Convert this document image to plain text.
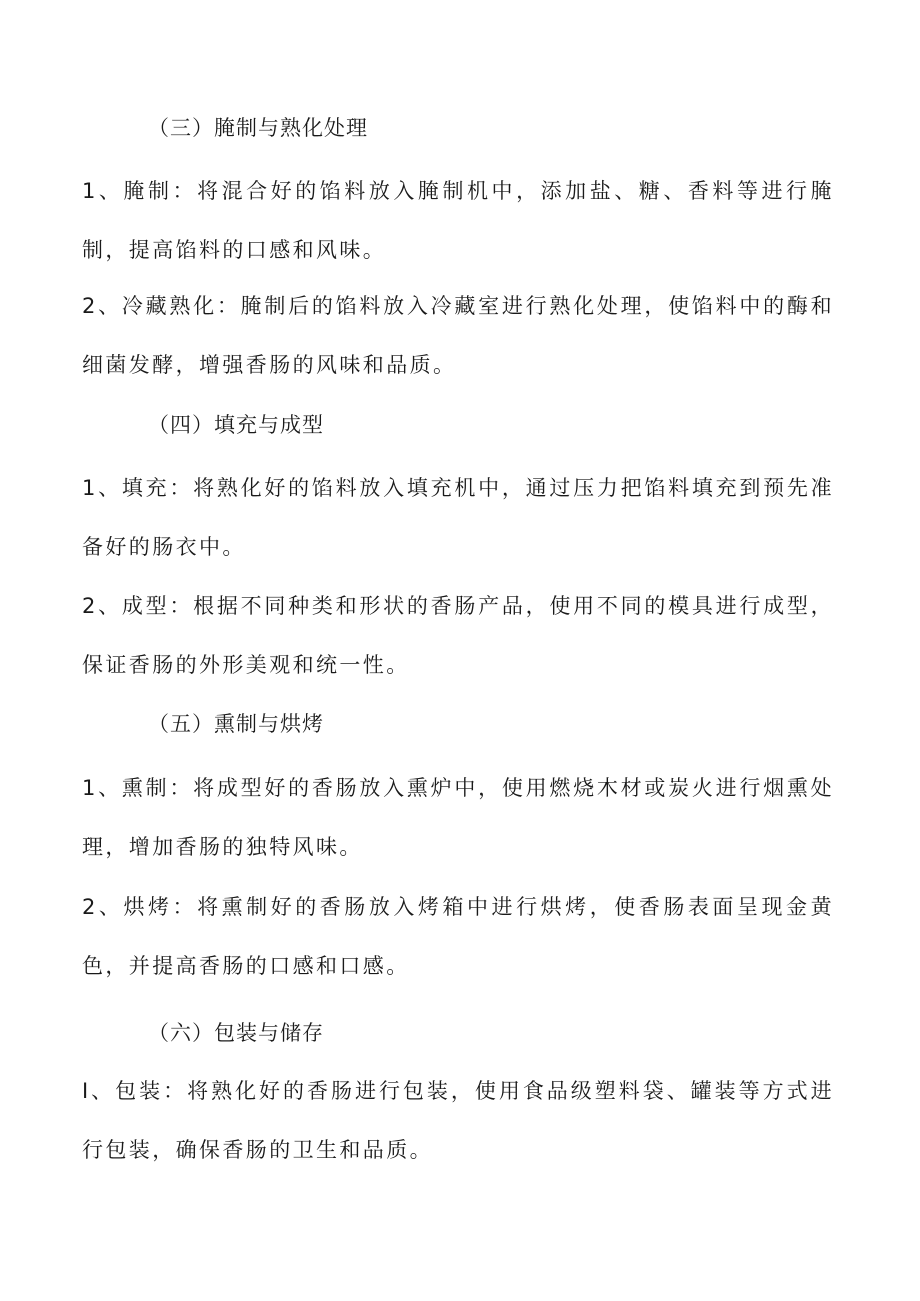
（三）腌制与熟化处理
1、腌制：将混合好的馅料放入腌制机中，添加盐、糖、香料等进行腌制，提高馅料的口感和风味。
2、冷藏熟化：腌制后的馅料放入冷藏室进行熟化处理，使馅料中的酶和细菌发酵，增强香肠的风味和品质。
（四）填充与成型
1、填充：将熟化好的馅料放入填充机中，通过压力把馅料填充到预先准备好的肠衣中。
2、成型：根据不同种类和形状的香肠产品，使用不同的模具进行成型，保证香肠的外形美观和统一性。
（五）熏制与烘烤
1、熏制：将成型好的香肠放入熏炉中，使用燃烧木材或炭火进行烟熏处理，增加香肠的独特风味。
2、烘烤：将熏制好的香肠放入烤箱中进行烘烤，使香肠表面呈现金黄色，并提高香肠的口感和口感。
（六）包装与储存
I、包装：将熟化好的香肠进行包装，使用食品级塑料袋、罐装等方式进行包装，确保香肠的卫生和品质。
